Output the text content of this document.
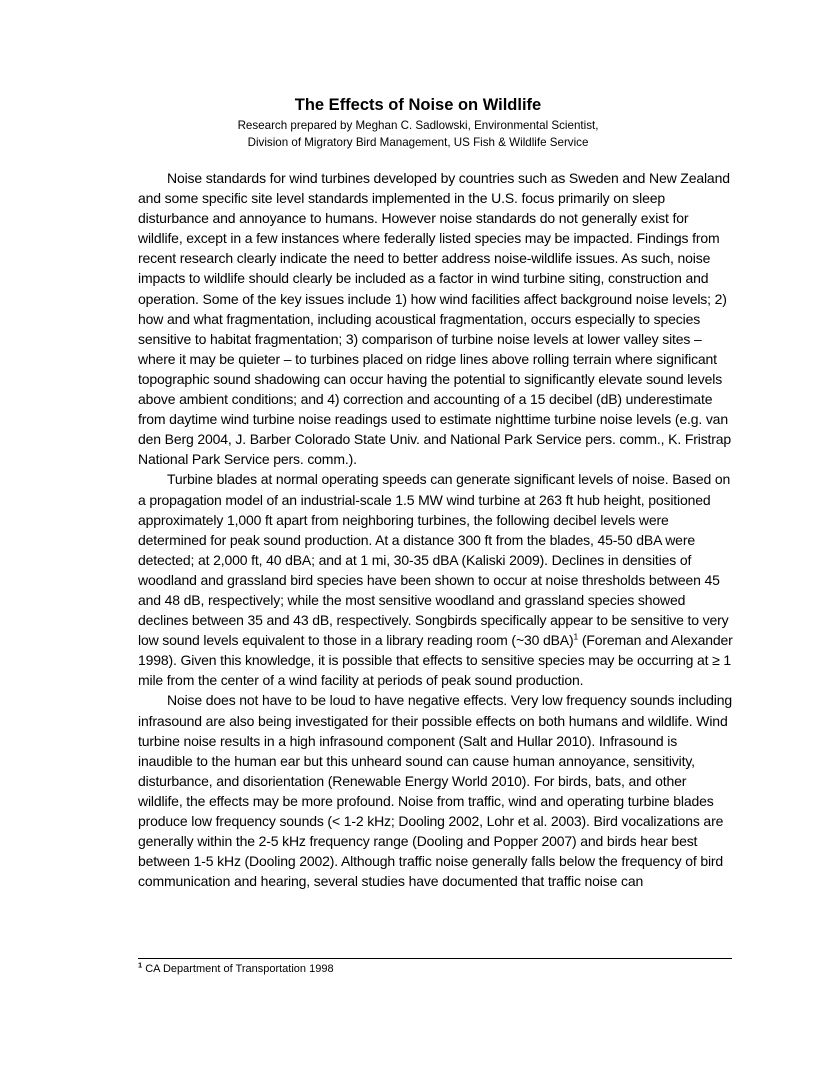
The Effects of Noise on Wildlife
Research prepared by Meghan C. Sadlowski, Environmental Scientist,
Division of Migratory Bird Management, US Fish & Wildlife Service

Noise standards for wind turbines developed by countries such as Sweden and New Zealand and some specific site level standards implemented in the U.S. focus primarily on sleep disturbance and annoyance to humans. However noise standards do not generally exist for wildlife, except in a few instances where federally listed species may be impacted. Findings from recent research clearly indicate the need to better address noise-wildlife issues. As such, noise impacts to wildlife should clearly be included as a factor in wind turbine siting, construction and operation. Some of the key issues include 1) how wind facilities affect background noise levels; 2) how and what fragmentation, including acoustical fragmentation, occurs especially to species sensitive to habitat fragmentation; 3) comparison of turbine noise levels at lower valley sites – where it may be quieter – to turbines placed on ridge lines above rolling terrain where significant topographic sound shadowing can occur having the potential to significantly elevate sound levels above ambient conditions; and 4) correction and accounting of a 15 decibel (dB) underestimate from daytime wind turbine noise readings used to estimate nighttime turbine noise levels (e.g. van den Berg 2004, J. Barber Colorado State Univ. and National Park Service pers. comm., K. Fristrap National Park Service pers. comm.).

Turbine blades at normal operating speeds can generate significant levels of noise. Based on a propagation model of an industrial-scale 1.5 MW wind turbine at 263 ft hub height, positioned approximately 1,000 ft apart from neighboring turbines, the following decibel levels were determined for peak sound production. At a distance 300 ft from the blades, 45-50 dBA were detected; at 2,000 ft, 40 dBA; and at 1 mi, 30-35 dBA (Kaliski 2009). Declines in densities of woodland and grassland bird species have been shown to occur at noise thresholds between 45 and 48 dB, respectively; while the most sensitive woodland and grassland species showed declines between 35 and 43 dB, respectively. Songbirds specifically appear to be sensitive to very low sound levels equivalent to those in a library reading room (~30 dBA)$^1$ (Foreman and Alexander 1998). Given this knowledge, it is possible that effects to sensitive species may be occurring at ≥ 1 mile from the center of a wind facility at periods of peak sound production.

Noise does not have to be loud to have negative effects. Very low frequency sounds including infrasound are also being investigated for their possible effects on both humans and wildlife. Wind turbine noise results in a high infrasound component (Salt and Hullar 2010). Infrasound is inaudible to the human ear but this unheard sound can cause human annoyance, sensitivity, disturbance, and disorientation (Renewable Energy World 2010). For birds, bats, and other wildlife, the effects may be more profound. Noise from traffic, wind and operating turbine blades produce low frequency sounds (< 1-2 kHz; Dooling 2002, Lohr et al. 2003). Bird vocalizations are generally within the 2-5 kHz frequency range (Dooling and Popper 2007) and birds hear best between 1-5 kHz (Dooling 2002). Although traffic noise generally falls below the frequency of bird communication and hearing, several studies have documented that traffic noise can

$^1$ CA Department of Transportation 1998
